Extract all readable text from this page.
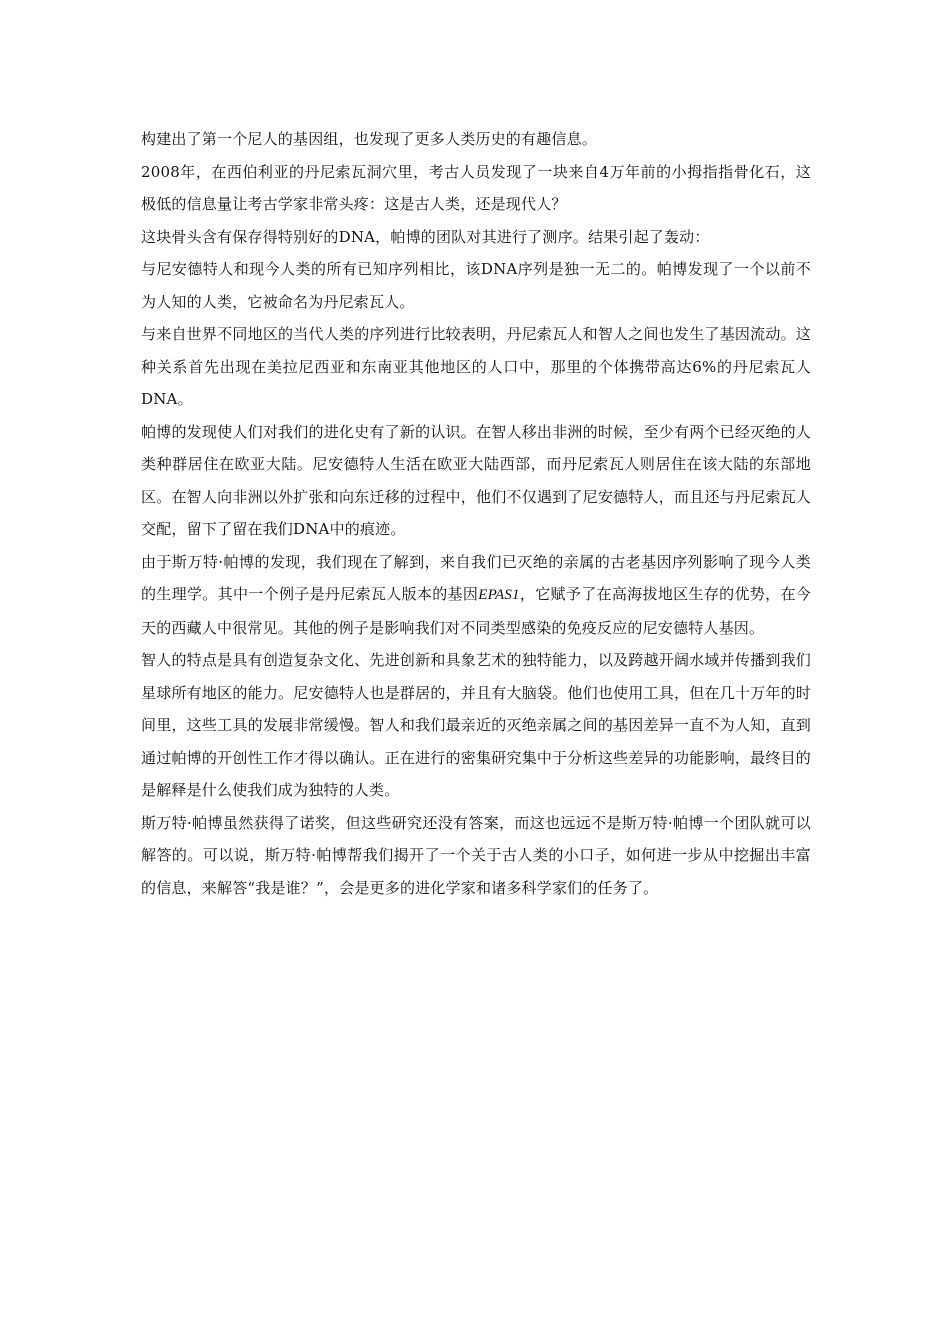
构建出了第一个尼人的基因组，也发现了更多人类历史的有趣信息。

2008年，在西伯利亚的丹尼索瓦洞穴里，考古人员发现了一块来自4万年前的小拇指指骨化石，这极低的信息量让考古学家非常头疼：这是古人类，还是现代人？

这块骨头含有保存得特别好的DNA，帕博的团队对其进行了测序。结果引起了轰动：

与尼安德特人和现今人类的所有已知序列相比，该DNA序列是独一无二的。帕博发现了一个以前不为人知的人类，它被命名为丹尼索瓦人。

与来自世界不同地区的当代人类的序列进行比较表明，丹尼索瓦人和智人之间也发生了基因流动。这种关系首先出现在美拉尼西亚和东南亚其他地区的人口中，那里的个体携带高达6%的丹尼索瓦人DNA。

帕博的发现使人们对我们的进化史有了新的认识。在智人移出非洲的时候，至少有两个已经灭绝的人类种群居住在欧亚大陆。尼安德特人生活在欧亚大陆西部，而丹尼索瓦人则居住在该大陆的东部地区。在智人向非洲以外扩张和向东迁移的过程中，他们不仅遇到了尼安德特人，而且还与丹尼索瓦人交配，留下了留在我们DNA中的痕迹。

由于斯万特·帕博的发现，我们现在了解到，来自我们已灭绝的亲属的古老基因序列影响了现今人类的生理学。其中一个例子是丹尼索瓦人版本的基因EPAS1，它赋予了在高海拔地区生存的优势，在今天的西藏人中很常见。其他的例子是影响我们对不同类型感染的免疫反应的尼安德特人基因。

智人的特点是具有创造复杂文化、先进创新和具象艺术的独特能力，以及跨越开阔水域并传播到我们星球所有地区的能力。尼安德特人也是群居的，并且有大脑袋。他们也使用工具，但在几十万年的时间里，这些工具的发展非常缓慢。智人和我们最亲近的灭绝亲属之间的基因差异一直不为人知，直到通过帕博的开创性工作才得以确认。正在进行的密集研究集中于分析这些差异的功能影响，最终目的是解释是什么使我们成为独特的人类。

斯万特·帕博虽然获得了诺奖，但这些研究还没有答案，而这也远远不是斯万特·帕博一个团队就可以解答的。可以说，斯万特·帕博帮我们揭开了一个关于古人类的小口子，如何进一步从中挖掘出丰富的信息，来解答“我是谁？”，会是更多的进化学家和诸多科学家们的任务了。
